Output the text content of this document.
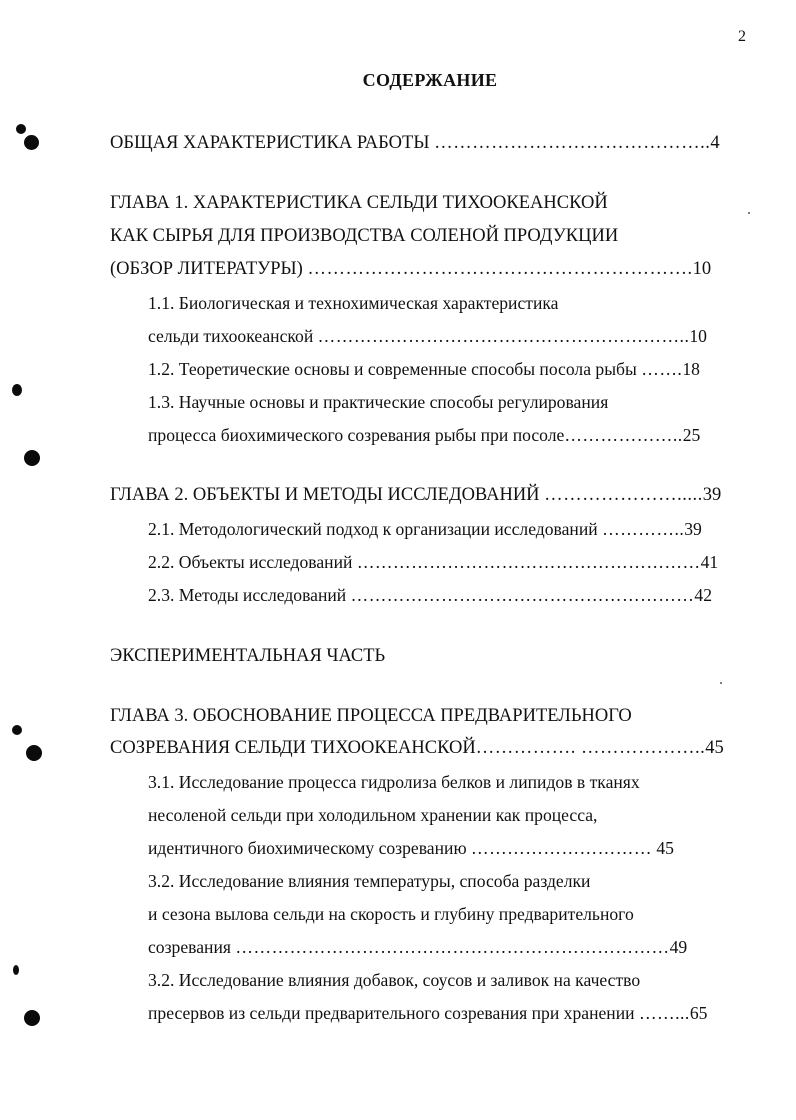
2
СОДЕРЖАНИЕ
ОБЩАЯ ХАРАКТЕРИСТИКА РАБОТЫ ……………………………………..4
ГЛАВА 1. ХАРАКТЕРИСТИКА СЕЛЬДИ ТИХООКЕАНСКОЙ
КАК СЫРЬЯ ДЛЯ ПРОИЗВОДСТВА СОЛЕНОЙ ПРОДУКЦИИ
(ОБЗОР ЛИТЕРАТУРЫ) …………………………………………………….10
1.1. Биологическая и технохимическая характеристика
сельди тихоокеанской ……………………………………………………..10
1.2. Теоретические основы и современные способы посола рыбы …….18
1.3. Научные основы и практические способы регулирования
процесса биохимического созревания рыбы при посоле………………..25
ГЛАВА 2. ОБЪЕКТЫ И МЕТОДЫ ИССЛЕДОВАНИЙ ………………….....39
2.1. Методологический подход к организации исследований …………..39
2.2. Объекты исследований …………………………………………………41
2.3. Методы исследований …………………………………………………42
ЭКСПЕРИМЕНТАЛЬНАЯ ЧАСТЬ
ГЛАВА 3. ОБОСНОВАНИЕ ПРОЦЕССА ПРЕДВАРИТЕЛЬНОГО
СОЗРЕВАНИЯ СЕЛЬДИ ТИХООКЕАНСКОЙ……………. ………………..45
3.1. Исследование процесса гидролиза белков и липидов в тканях
несоленой сельди при холодильном хранении как процесса,
идентичного биохимическому созреванию ………………………… 45
3.2. Исследование влияния температуры, способа разделки
и сезона вылова сельди на скорость и глубину предварительного
созревания ………………………………………………………………49
3.2. Исследование влияния добавок, соусов и заливок на качество
пресервов из сельди предварительного созревания при хранении ……...65
